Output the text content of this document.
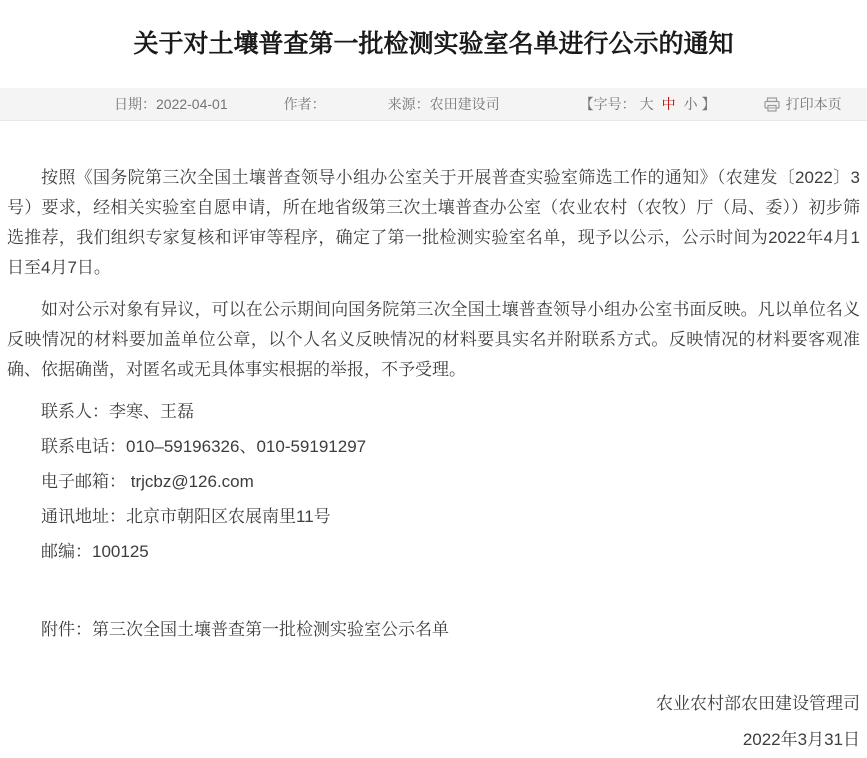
关于对土壤普查第一批检测实验室名单进行公示的通知
日期： 2022-04-01	作者：	来源： 农田建设司	【字号： 大 中 小 】	打印本页

按照《国务院第三次全国土壤普查领导小组办公室关于开展普查实验室筛选工作的通知》（农建发〔2022〕3号）要求，经相关实验室自愿申请，所在地省级第三次土壤普查办公室（农业农村（农牧）厅（局、委））初步筛选推荐，我们组织专家复核和评审等程序，确定了第一批检测实验室名单，现予以公示，公示时间为2022年4月1日至4月7日。

如对公示对象有异议，可以在公示期间向国务院第三次全国土壤普查领导小组办公室书面反映。凡以单位名义反映情况的材料要加盖单位公章，以个人名义反映情况的材料要具实名并附联系方式。反映情况的材料要客观准确、依据确凿，对匿名或无具体事实根据的举报，不予受理。

联系人：李寒、王磊

联系电话：010–59196326、010-59191297

电子邮箱： trjcbz@126.com

通讯地址：北京市朝阳区农展南里11号

邮编：100125

附件：第三次全国土壤普查第一批检测实验室公示名单

农业农村部农田建设管理司

2022年3月31日
